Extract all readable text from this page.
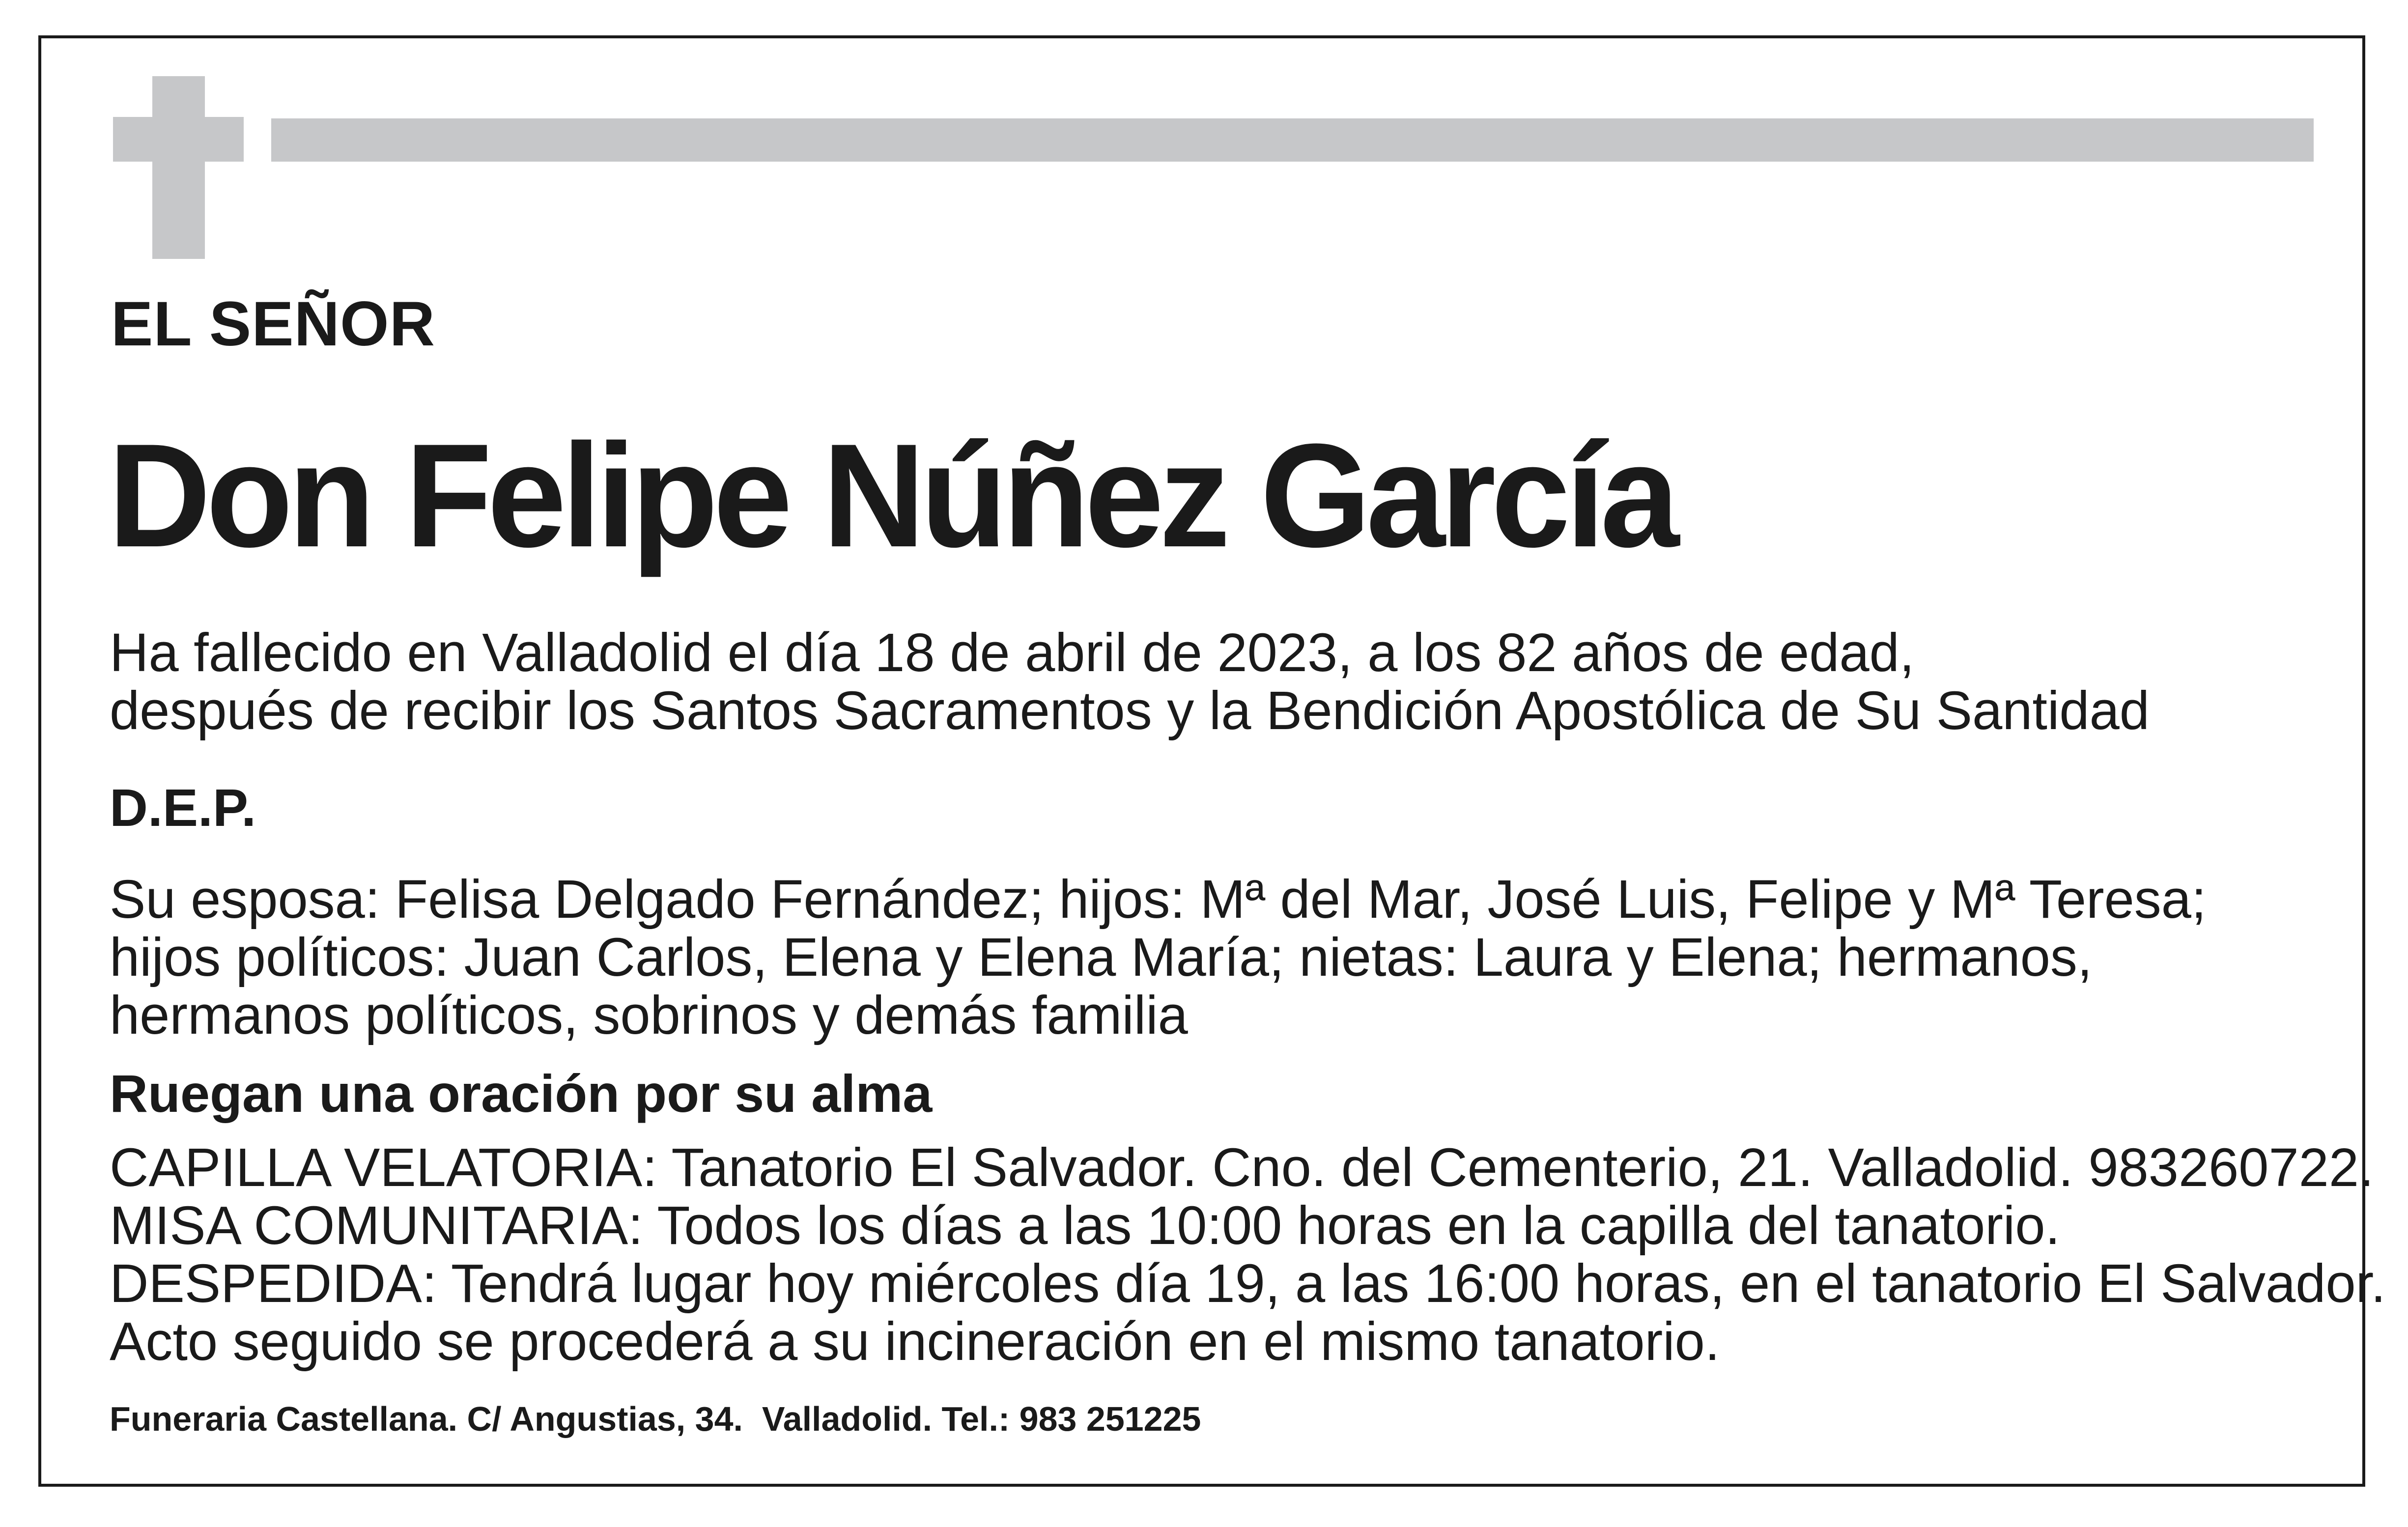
EL SEÑOR
Don Felipe Núñez García
Ha fallecido en Valladolid el día 18 de abril de 2023, a los 82 años de edad,
después de recibir los Santos Sacramentos y la Bendición Apostólica de Su Santidad
D.E.P.
Su esposa: Felisa Delgado Fernández; hijos: Mª del Mar, José Luis, Felipe y Mª Teresa;
hijos políticos: Juan Carlos, Elena y Elena María; nietas: Laura y Elena; hermanos,
hermanos políticos, sobrinos y demás familia
Ruegan una oración por su alma
CAPILLA VELATORIA: Tanatorio El Salvador. Cno. del Cementerio, 21. Valladolid. 983260722.
MISA COMUNITARIA: Todos los días a las 10:00 horas en la capilla del tanatorio.
DESPEDIDA: Tendrá lugar hoy miércoles día 19, a las 16:00 horas, en el tanatorio El Salvador.
Acto seguido se procederá a su incineración en el mismo tanatorio.
Funeraria Castellana. C/ Angustias, 34.  Valladolid. Tel.: 983 251225
